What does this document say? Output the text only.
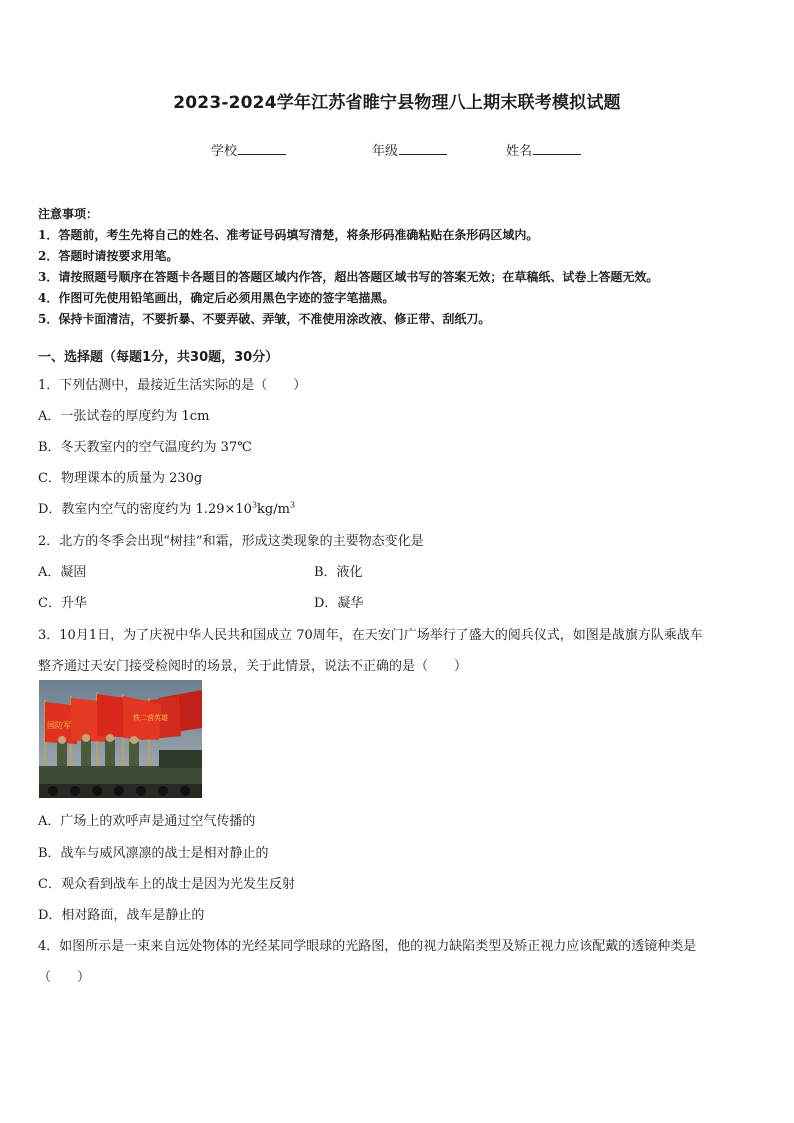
2023-2024学年江苏省睢宁县物理八上期末联考模拟试题
学校	年级	姓名
注意事项：
1．答题前，考生先将自己的姓名、准考证号码填写清楚，将条形码准确粘贴在条形码区域内。
2．答题时请按要求用笔。
3．请按照题号顺序在答题卡各题目的答题区域内作答，超出答题区域书写的答案无效；在草稿纸、试卷上答题无效。
4．作图可先使用铅笔画出，确定后必须用黑色字迹的签字笔描黑。
5．保持卡面清洁，不要折暴、不要弄破、弄皱，不准使用涂改液、修正带、刮纸刀。
一、选择题（每题1分，共30题，30分）
1．下列估测中，最接近生活实际的是（　　）
A．一张试卷的厚度约为 1cm
B．冬天教室内的空气温度约为 37℃
C．物理课本的质量为 230g
D．教室内空气的密度约为 $1.29\times 10^3kg/m^3$
2．北方的冬季会出现“树挂”和霜，形成这类现象的主要物态变化是
A．凝固	B．液化
C．升华	D．凝华
3．10月1日，为了庆祝中华人民共和国成立 70周年，在天安门广场举行了盛大的阅兵仪式，如图是战旗方队乘战车
整齐通过天安门接受检阅时的场景，关于此情景，说法不正确的是（　　）
国防军
铁二营英雄
A．广场上的欢呼声是通过空气传播的
B．战车与威风凛凛的战士是相对静止的
C．观众看到战车上的战士是因为光发生反射
D．相对路面，战车是静止的
4．如图所示是一束来自远处物体的光经某同学眼球的光路图，他的视力缺陷类型及矫正视力应该配戴的透镜种类是
（　　）
